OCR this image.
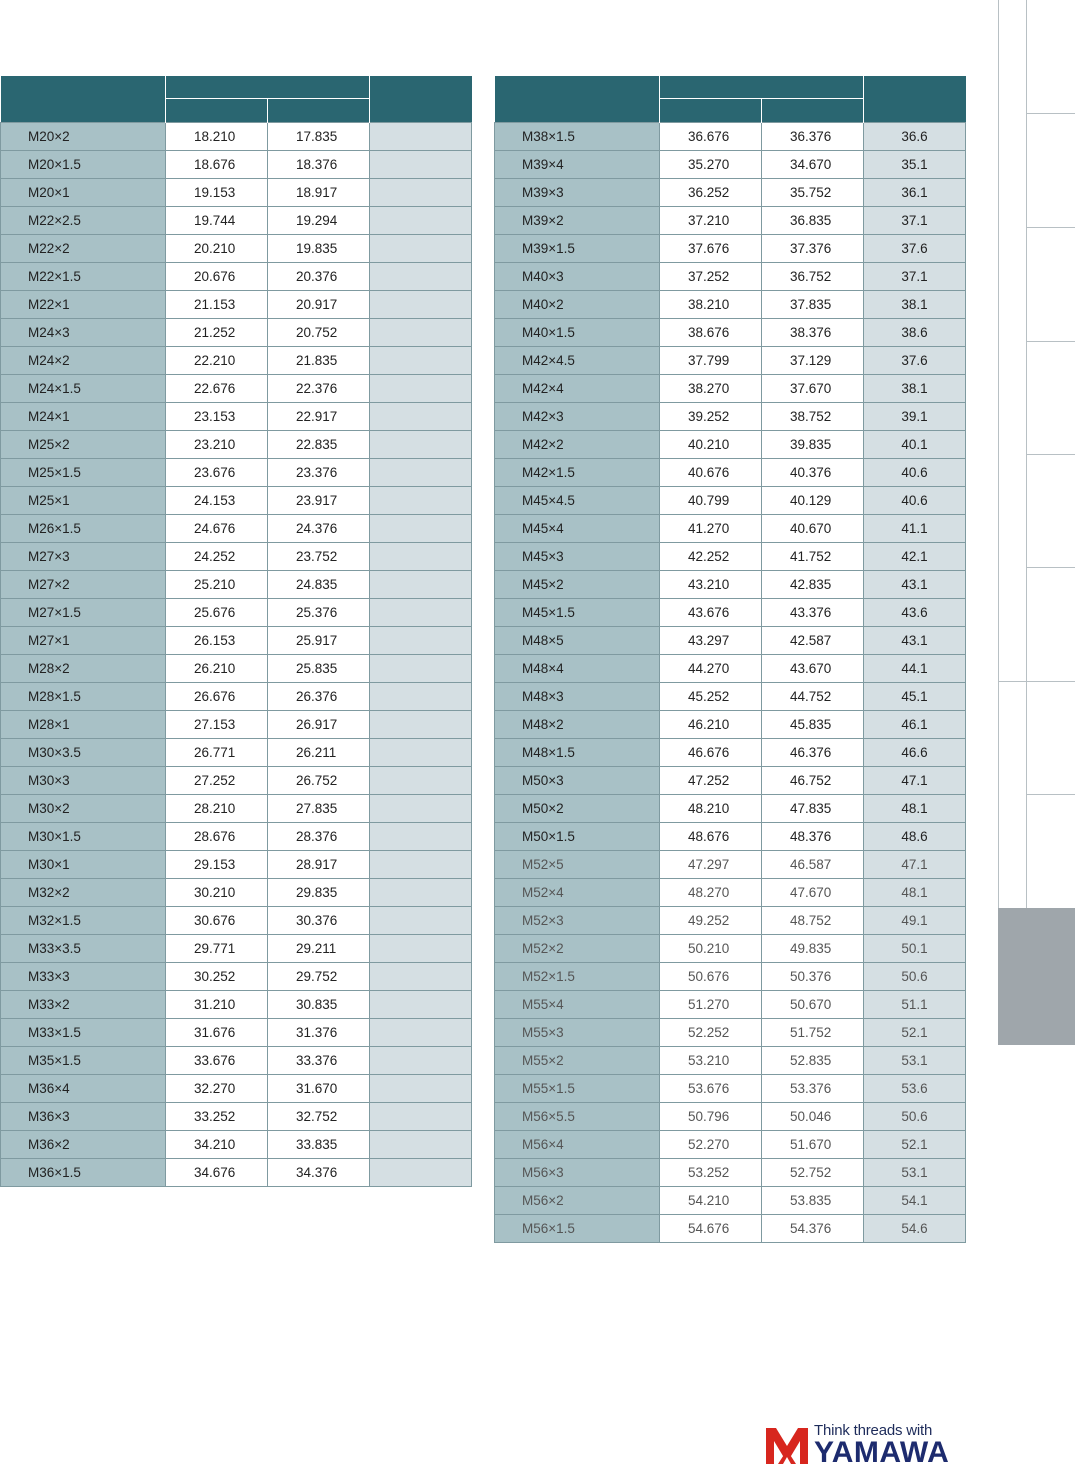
M20×2	18.210	17.835	
M20×1.5	18.676	18.376	
M20×1	19.153	18.917	
M22×2.5	19.744	19.294	
M22×2	20.210	19.835	
M22×1.5	20.676	20.376	
M22×1	21.153	20.917	
M24×3	21.252	20.752	
M24×2	22.210	21.835	
M24×1.5	22.676	22.376	
M24×1	23.153	22.917	
M25×2	23.210	22.835	
M25×1.5	23.676	23.376	
M25×1	24.153	23.917	
M26×1.5	24.676	24.376	
M27×3	24.252	23.752	
M27×2	25.210	24.835	
M27×1.5	25.676	25.376	
M27×1	26.153	25.917	
M28×2	26.210	25.835	
M28×1.5	26.676	26.376	
M28×1	27.153	26.917	
M30×3.5	26.771	26.211	
M30×3	27.252	26.752	
M30×2	28.210	27.835	
M30×1.5	28.676	28.376	
M30×1	29.153	28.917	
M32×2	30.210	29.835	
M32×1.5	30.676	30.376	
M33×3.5	29.771	29.211	
M33×3	30.252	29.752	
M33×2	31.210	30.835	
M33×1.5	31.676	31.376	
M35×1.5	33.676	33.376	
M36×4	32.270	31.670	
M36×3	33.252	32.752	
M36×2	34.210	33.835	
M36×1.5	34.676	34.376	

M38×1.5	36.676	36.376	36.6
M39×4	35.270	34.670	35.1
M39×3	36.252	35.752	36.1
M39×2	37.210	36.835	37.1
M39×1.5	37.676	37.376	37.6
M40×3	37.252	36.752	37.1
M40×2	38.210	37.835	38.1
M40×1.5	38.676	38.376	38.6
M42×4.5	37.799	37.129	37.6
M42×4	38.270	37.670	38.1
M42×3	39.252	38.752	39.1
M42×2	40.210	39.835	40.1
M42×1.5	40.676	40.376	40.6
M45×4.5	40.799	40.129	40.6
M45×4	41.270	40.670	41.1
M45×3	42.252	41.752	42.1
M45×2	43.210	42.835	43.1
M45×1.5	43.676	43.376	43.6
M48×5	43.297	42.587	43.1
M48×4	44.270	43.670	44.1
M48×3	45.252	44.752	45.1
M48×2	46.210	45.835	46.1
M48×1.5	46.676	46.376	46.6
M50×3	47.252	46.752	47.1
M50×2	48.210	47.835	48.1
M50×1.5	48.676	48.376	48.6
M52×5	47.297	46.587	47.1
M52×4	48.270	47.670	48.1
M52×3	49.252	48.752	49.1
M52×2	50.210	49.835	50.1
M52×1.5	50.676	50.376	50.6
M55×4	51.270	50.670	51.1
M55×3	52.252	51.752	52.1
M55×2	53.210	52.835	53.1
M55×1.5	53.676	53.376	53.6
M56×5.5	50.796	50.046	50.6
M56×4	52.270	51.670	52.1
M56×3	53.252	52.752	53.1
M56×2	54.210	53.835	54.1
M56×1.5	54.676	54.376	54.6
Think threads with
YAMAWA
